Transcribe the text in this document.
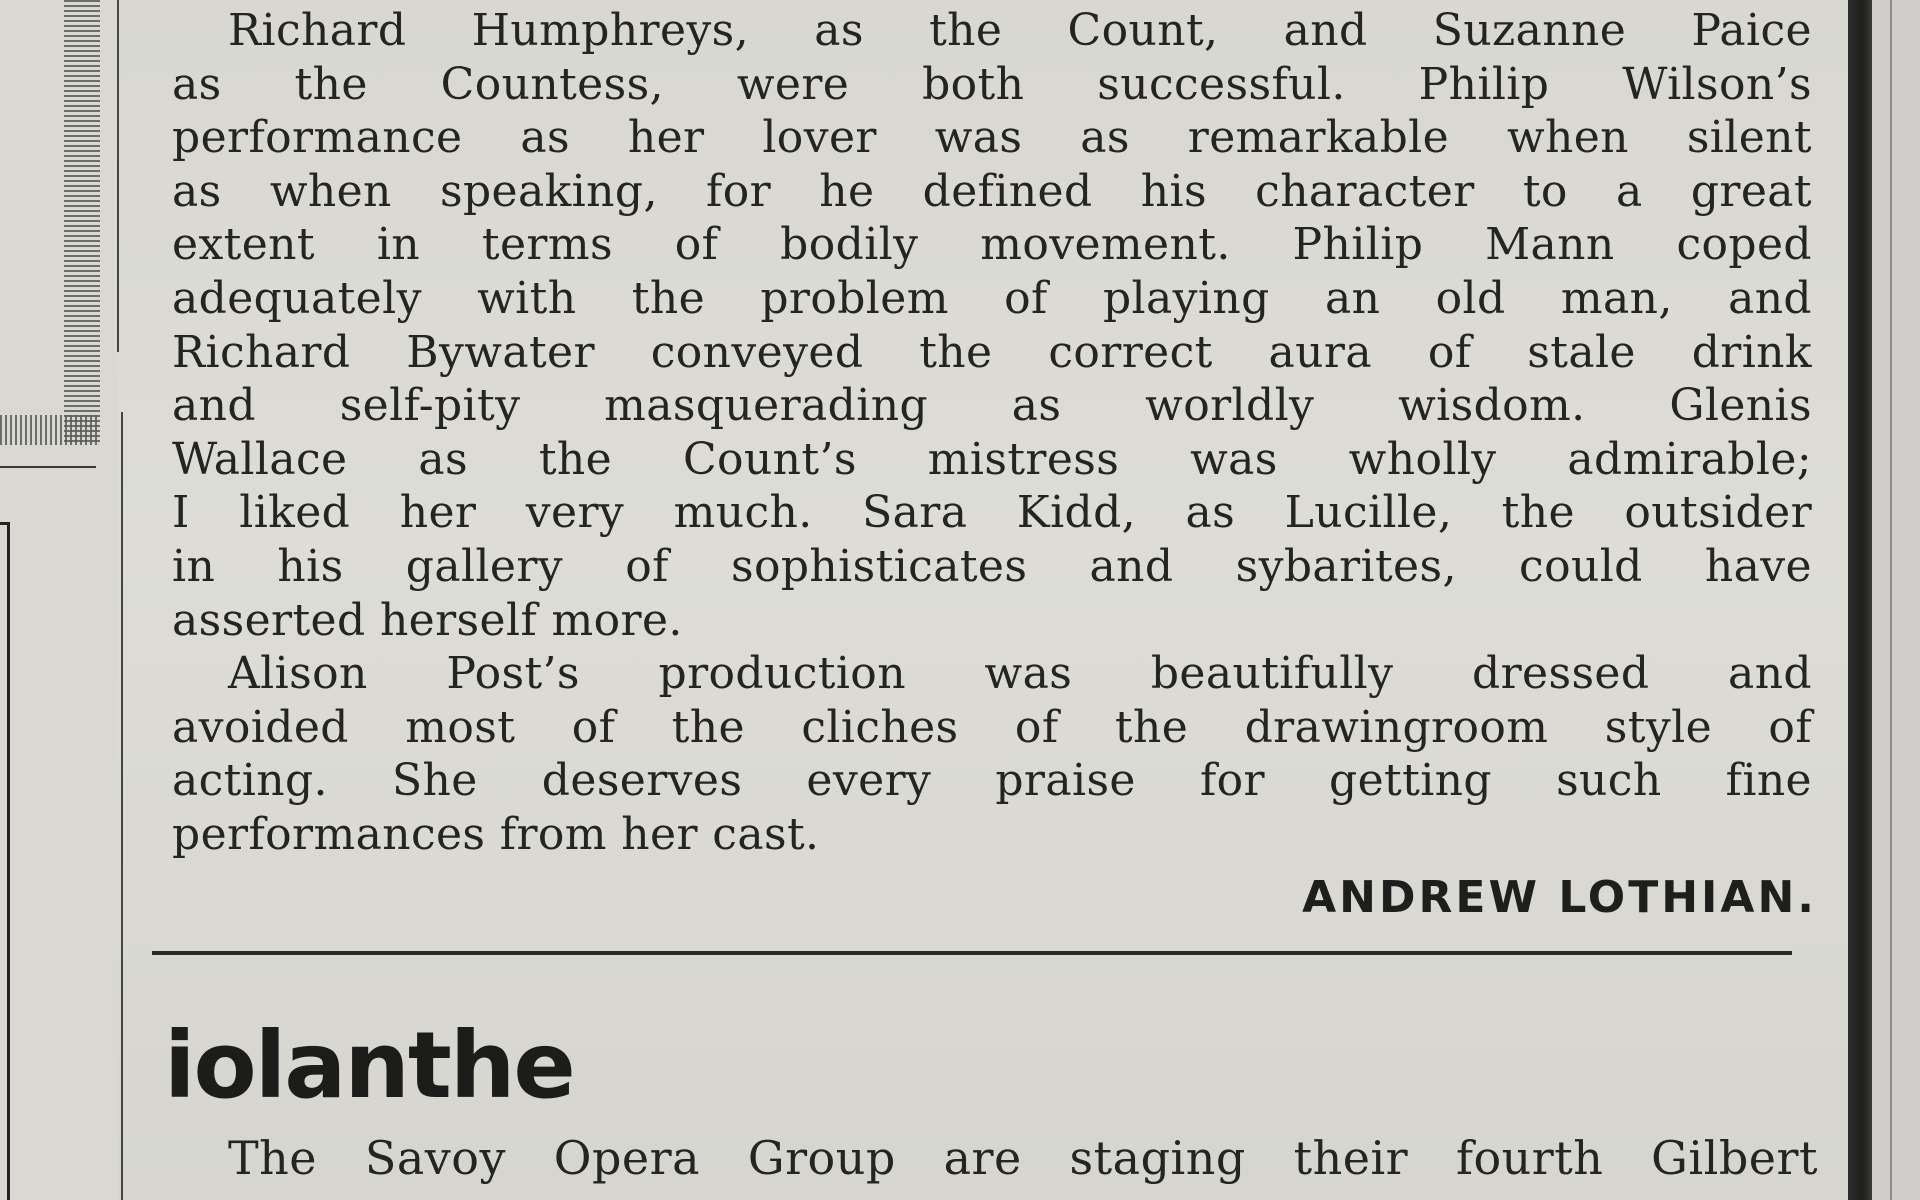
Richard Humphreys, as the Count, and Suzanne Paice
as the Countess, were both successful. Philip Wilson’s
performance as her lover was as remarkable when silent
as when speaking, for he defined his character to a great
extent in terms of bodily movement. Philip Mann coped
adequately with the problem of playing an old man, and
Richard Bywater conveyed the correct aura of stale drink
and self-pity masquerading as worldly wisdom. Glenis
Wallace as the Count’s mistress was wholly admirable;
I liked her very much. Sara Kidd, as Lucille, the outsider
in his gallery of sophisticates and sybarites, could have
asserted herself more.
Alison Post’s production was beautifully dressed and
avoided most of the cliches of the drawingroom style of
acting. She deserves every praise for getting such fine
performances from her cast.
ANDREW LOTHIAN.
iolanthe
The Savoy Opera Group are staging their fourth Gilbert
